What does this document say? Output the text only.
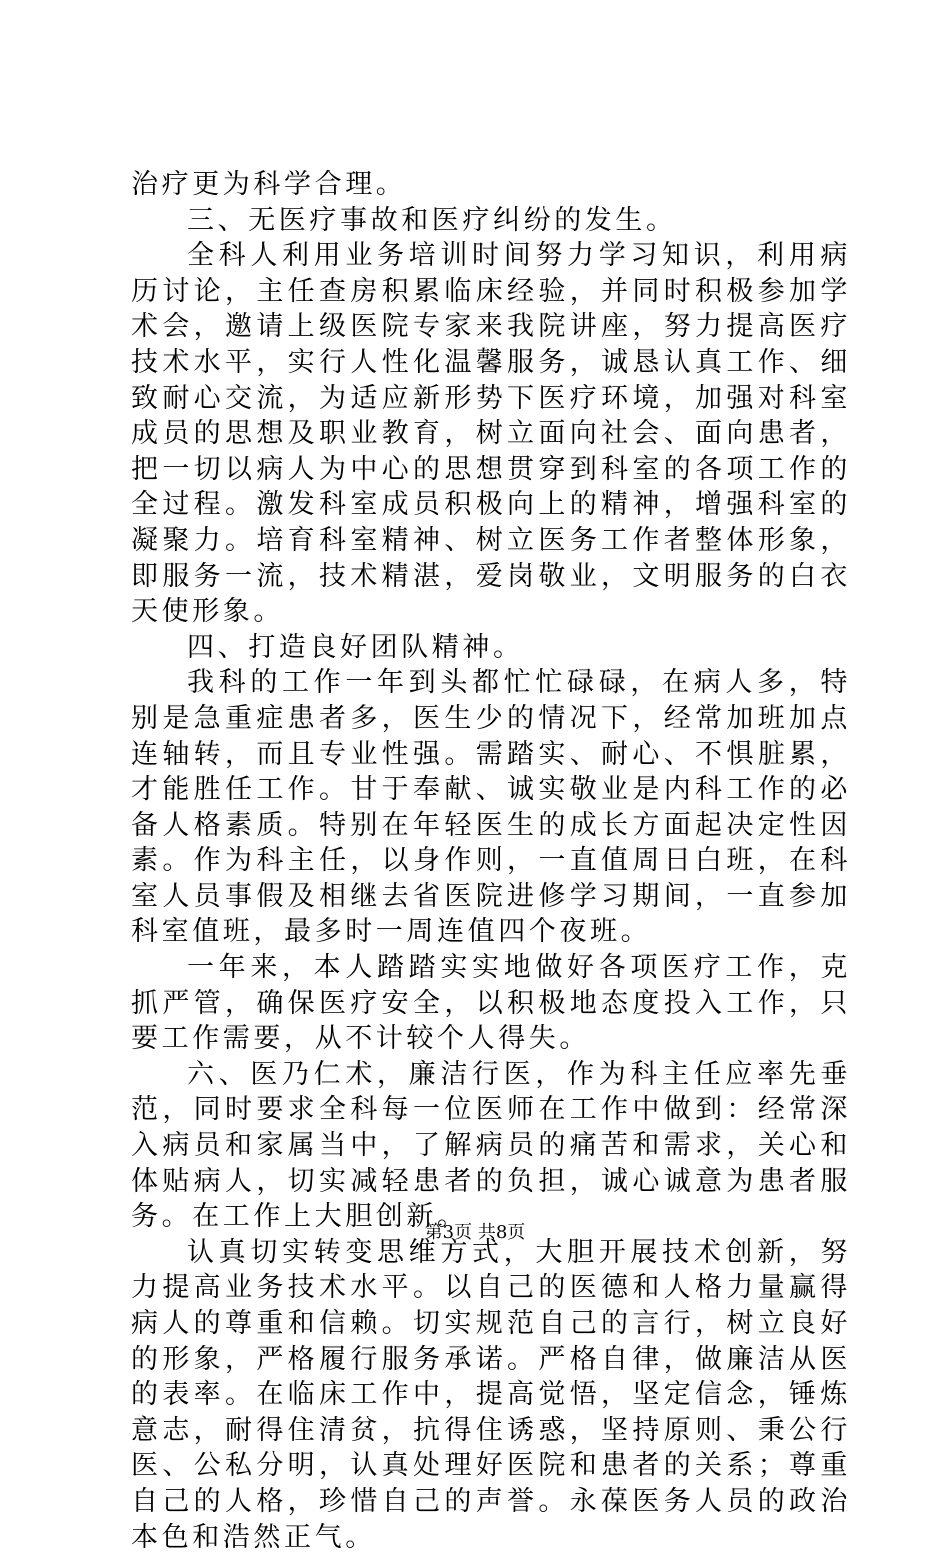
治疗更为科学合理。

三、无医疗事故和医疗纠纷的发生。

全科人利用业务培训时间努力学习知识，利用病历讨论，主任查房积累临床经验，并同时积极参加学术会，邀请上级医院专家来我院讲座，努力提高医疗技术水平，实行人性化温馨服务，诚恳认真工作、细致耐心交流，为适应新形势下医疗环境，加强对科室成员的思想及职业教育，树立面向社会、面向患者，把一切以病人为中心的思想贯穿到科室的各项工作的全过程。激发科室成员积极向上的精神，增强科室的凝聚力。培育科室精神、树立医务工作者整体形象，即服务一流，技术精湛，爱岗敬业，文明服务的白衣天使形象。

四、打造良好团队精神。

我科的工作一年到头都忙忙碌碌，在病人多，特别是急重症患者多，医生少的情况下，经常加班加点连轴转，而且专业性强。需踏实、耐心、不惧脏累，才能胜任工作。甘于奉献、诚实敬业是内科工作的必备人格素质。特别在年轻医生的成长方面起决定性因素。作为科主任，以身作则，一直值周日白班，在科室人员事假及相继去省医院进修学习期间，一直参加科室值班，最多时一周连值四个夜班。

一年来，本人踏踏实实地做好各项医疗工作，克抓严管，确保医疗安全，以积极地态度投入工作，只要工作需要，从不计较个人得失。

六、医乃仁术，廉洁行医，作为科主任应率先垂范，同时要求全科每一位医师在工作中做到：经常深入病员和家属当中，了解病员的痛苦和需求，关心和体贴病人，切实减轻患者的负担，诚心诚意为患者服务。在工作上大胆创新。

认真切实转变思维方式，大胆开展技术创新，努力提高业务技术水平。以自己的医德和人格力量赢得病人的尊重和信赖。切实规范自己的言行，树立良好的形象，严格履行服务承诺。严格自律，做廉洁从医的表率。在临床工作中，提高觉悟，坚定信念，锤炼意志，耐得住清贫，抗得住诱惑，坚持原则、秉公行医、公私分明，认真处理好医院和患者的关系；尊重自己的人格，珍惜自己的声誉。永葆医务人员的政治本色和浩然正气。

第3页 共8页
